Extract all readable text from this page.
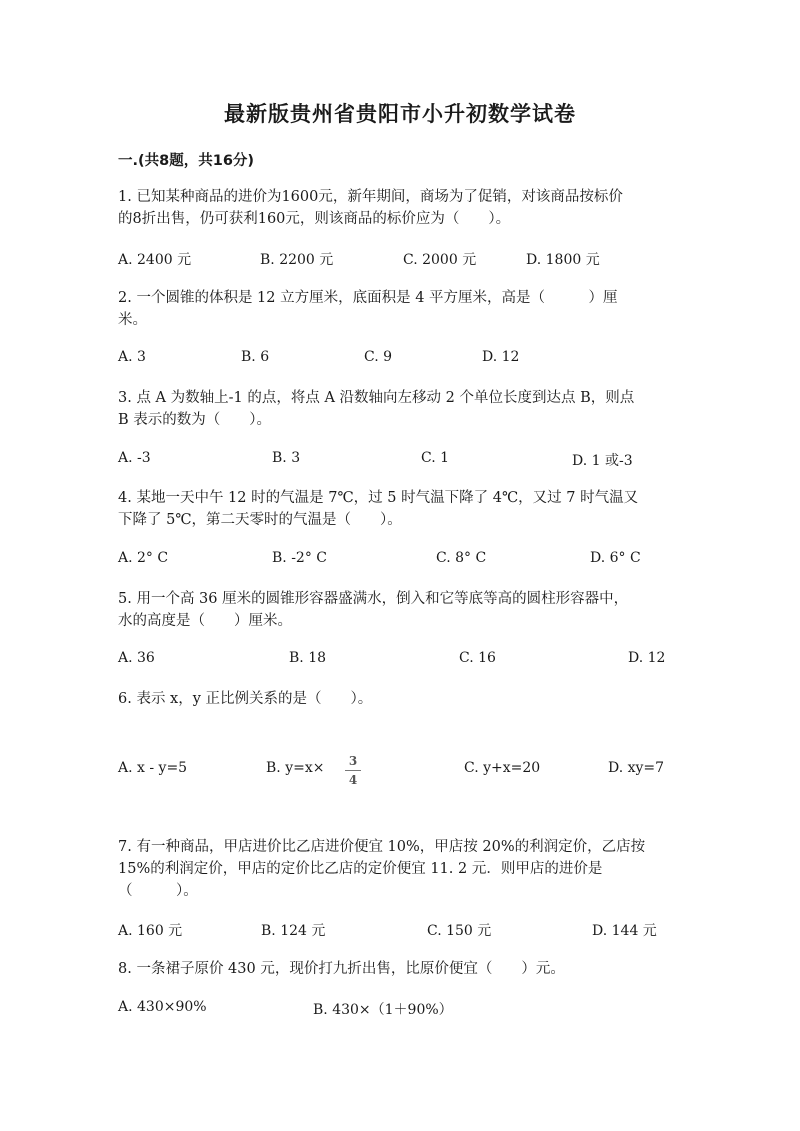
最新版贵州省贵阳市小升初数学试卷
一.(共8题，共16分)
1. 已知某种商品的进价为1600元，新年期间，商场为了促销，对该商品按标价
的8折出售，仍可获利160元，则该商品的标价应为（　　）。
A. 2400 元	B. 2200 元	C. 2000 元	D. 1800 元
2. 一个圆锥的体积是 12 立方厘米，底面积是 4 平方厘米，高是（　　　）厘
米。
A. 3	B. 6	C. 9	D. 12
3. 点 A 为数轴上-1 的点，将点 A 沿数轴向左移动 2 个单位长度到达点 B，则点
B 表示的数为（　　）。
A. -3	B. 3	C. 1	D. 1 或-3
4. 某地一天中午 12 时的气温是 7℃，过 5 时气温下降了 4℃，又过 7 时气温又
下降了 5℃，第二天零时的气温是（　　）。
A. 2° C	B. -2° C	C. 8° C	D. 6° C
5. 用一个高 36 厘米的圆锥形容器盛满水，倒入和它等底等高的圆柱形容器中，
水的高度是（　　）厘米。
A. 36	B. 18	C. 16	D. 12
6. 表示 x，y 正比例关系的是（　　）。
A. x - y=5	B. y=x×	3
4
C. y+x=20	D. xy=7
7. 有一种商品，甲店进价比乙店进价便宜 10%，甲店按 20%的利润定价，乙店按
15%的利润定价，甲店的定价比乙店的定价便宜 11. 2 元．则甲店的进价是
（　　　）。
A. 160 元	B. 124 元	C. 150 元	D. 144 元
8. 一条裙子原价 430 元，现价打九折出售，比原价便宜（　　）元。
A. 430×90%	B. 430×（1＋90%）
